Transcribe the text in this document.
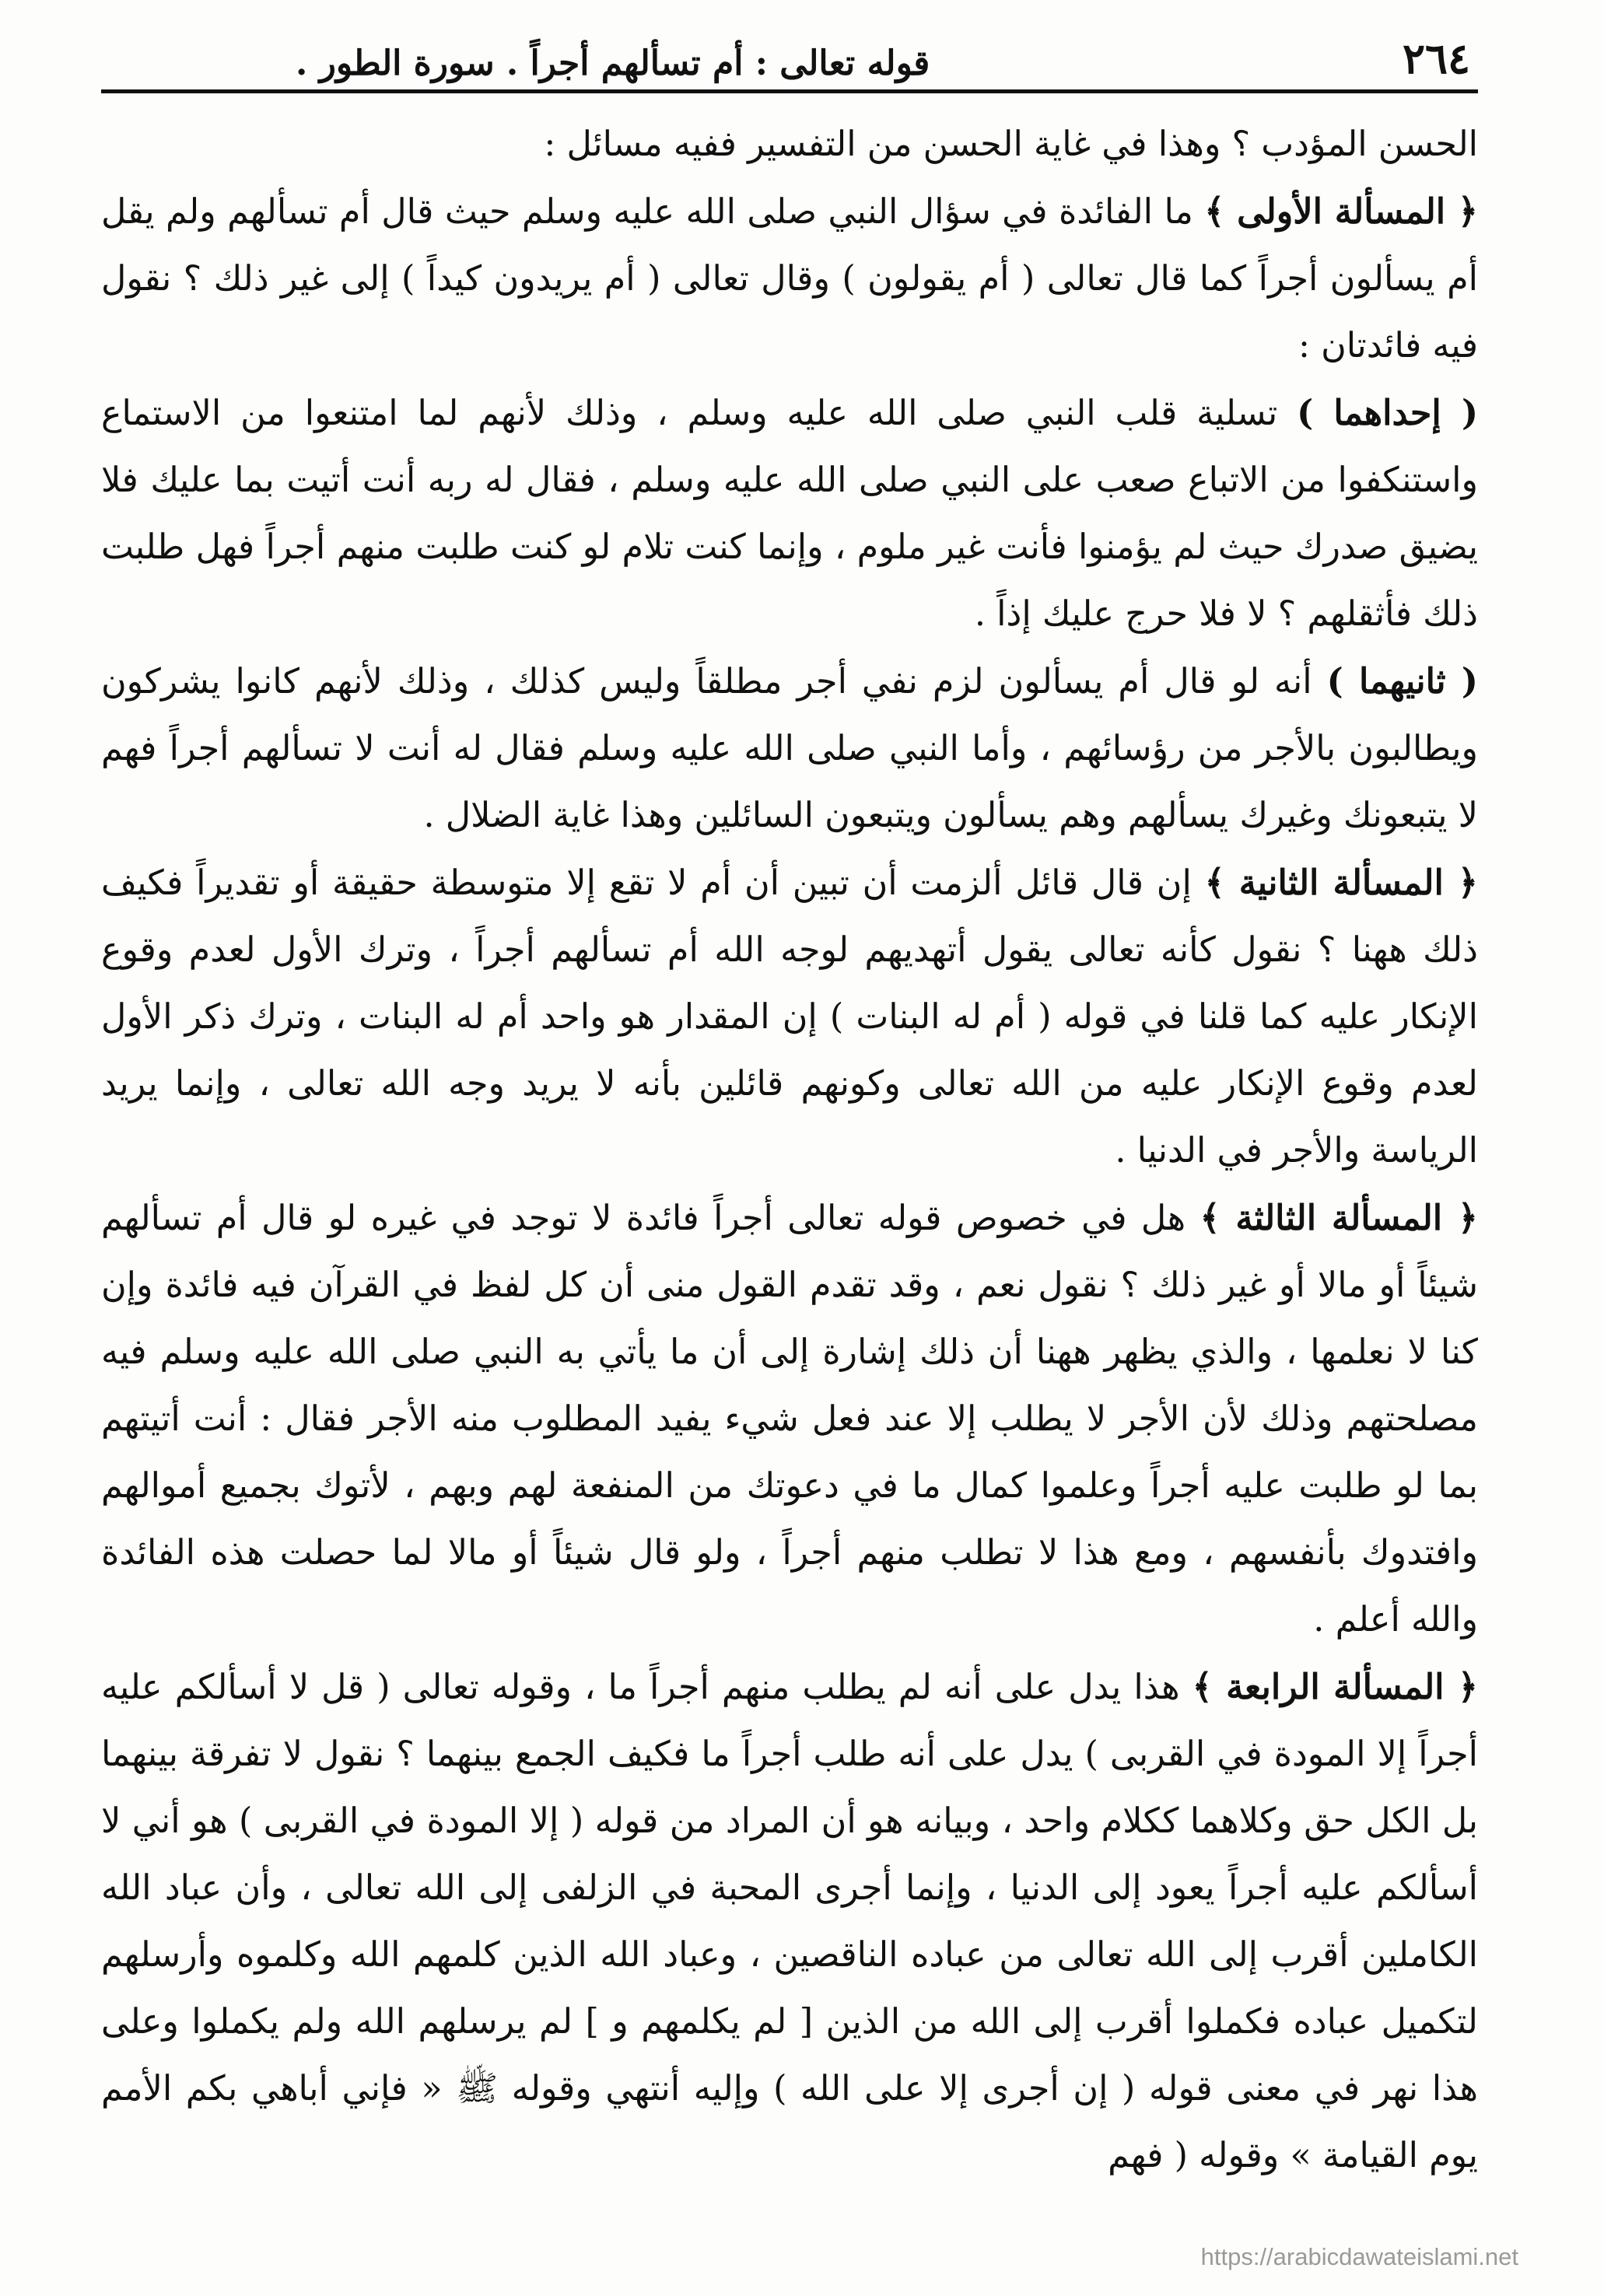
٢٦٤
قوله تعالى : أم تسألهم أجراً . سورة الطور .

الحسن المؤدب ؟ وهذا في غاية الحسن من التفسير ففيه مسائل :

﴿ المسألة الأولى ﴾ ما الفائدة في سؤال النبي صلى الله عليه وسلم حيث قال أم تسألهم ولم يقل أم يسألون أجراً كما قال تعالى ( أم يقولون ) وقال تعالى ( أم يريدون كيداً ) إلى غير ذلك ؟ نقول فيه فائدتان :

( إحداهما ) تسلية قلب النبي صلى الله عليه وسلم ، وذلك لأنهم لما امتنعوا من الاستماع واستنكفوا من الاتباع صعب على النبي صلى الله عليه وسلم ، فقال له ربه أنت أتيت بما عليك فلا يضيق صدرك حيث لم يؤمنوا فأنت غير ملوم ، وإنما كنت تلام لو كنت طلبت منهم أجراً فهل طلبت ذلك فأثقلهم ؟ لا فلا حرج عليك إذاً .

( ثانيهما ) أنه لو قال أم يسألون لزم نفي أجر مطلقاً وليس كذلك ، وذلك لأنهم كانوا يشركون ويطالبون بالأجر من رؤسائهم ، وأما النبي صلى الله عليه وسلم فقال له أنت لا تسألهم أجراً فهم لا يتبعونك وغيرك يسألهم وهم يسألون ويتبعون السائلين وهذا غاية الضلال .

﴿ المسألة الثانية ﴾ إن قال قائل ألزمت أن تبين أن أم لا تقع إلا متوسطة حقيقة أو تقديراً فكيف ذلك ههنا ؟ نقول كأنه تعالى يقول أتهديهم لوجه الله أم تسألهم أجراً ، وترك الأول لعدم وقوع الإنكار عليه كما قلنا في قوله ( أم له البنات ) إن المقدار هو واحد أم له البنات ، وترك ذكر الأول لعدم وقوع الإنكار عليه من الله تعالى وكونهم قائلين بأنه لا يريد وجه الله تعالى ، وإنما يريد الرياسة والأجر في الدنيا .

﴿ المسألة الثالثة ﴾ هل في خصوص قوله تعالى أجراً فائدة لا توجد في غيره لو قال أم تسألهم شيئاً أو مالا أو غير ذلك ؟ نقول نعم ، وقد تقدم القول منى أن كل لفظ في القرآن فيه فائدة وإن كنا لا نعلمها ، والذي يظهر ههنا أن ذلك إشارة إلى أن ما يأتي به النبي صلى الله عليه وسلم فيه مصلحتهم وذلك لأن الأجر لا يطلب إلا عند فعل شيء يفيد المطلوب منه الأجر فقال : أنت أتيتهم بما لو طلبت عليه أجراً وعلموا كمال ما في دعوتك من المنفعة لهم وبهم ، لأتوك بجميع أموالهم وافتدوك بأنفسهم ، ومع هذا لا تطلب منهم أجراً ، ولو قال شيئاً أو مالا لما حصلت هذه الفائدة والله أعلم .

﴿ المسألة الرابعة ﴾ هذا يدل على أنه لم يطلب منهم أجراً ما ، وقوله تعالى ( قل لا أسألكم عليه أجراً إلا المودة في القربى ) يدل على أنه طلب أجراً ما فكيف الجمع بينهما ؟ نقول لا تفرقة بينهما بل الكل حق وكلاهما ككلام واحد ، وبيانه هو أن المراد من قوله ( إلا المودة في القربى ) هو أني لا أسألكم عليه أجراً يعود إلى الدنيا ، وإنما أجرى المحبة في الزلفى إلى الله تعالى ، وأن عباد الله الكاملين أقرب إلى الله تعالى من عباده الناقصين ، وعباد الله الذين كلمهم الله وكلموه وأرسلهم لتكميل عباده فكملوا أقرب إلى الله من الذين [ لم يكلمهم و ] لم يرسلهم الله ولم يكملوا وعلى هذا نهر في معنى قوله ( إن أجرى إلا على الله ) وإليه أنتهي وقوله ﷺ « فإني أباهي بكم الأمم يوم القيامة » وقوله ( فهم

https://arabicdawateislami.net
